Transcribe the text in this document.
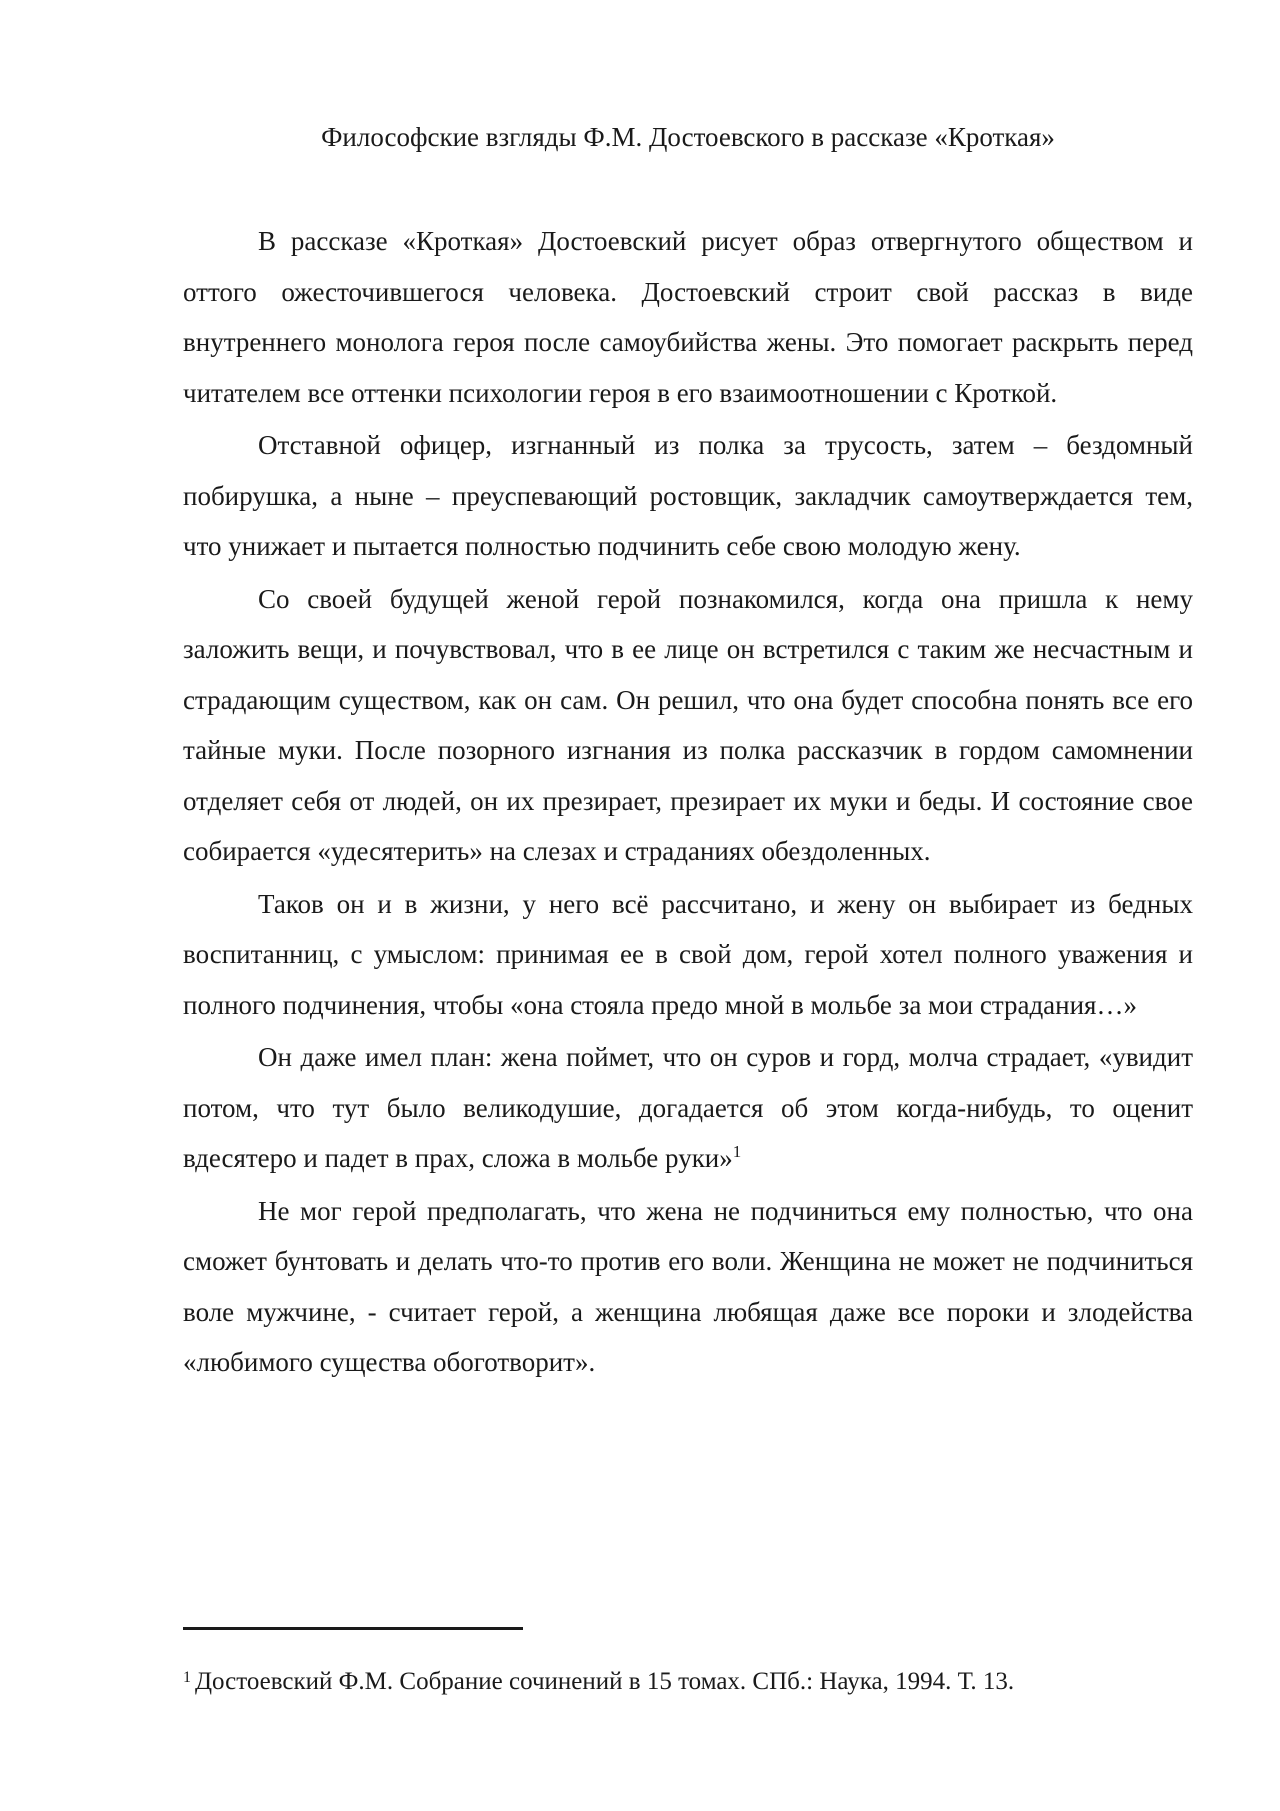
Философские взгляды Ф.М. Достоевского в рассказе «Кроткая»

В рассказе «Кроткая» Достоевский рисует образ отвергнутого обществом и оттого ожесточившегося человека. Достоевский строит свой рассказ в виде внутреннего монолога героя после самоубийства жены. Это помогает раскрыть перед читателем все оттенки психологии героя в его взаимоотношении с Кроткой.

Отставной офицер, изгнанный из полка за трусость, затем – бездомный побирушка, а ныне – преуспевающий ростовщик, закладчик самоутверждается тем, что унижает и пытается полностью подчинить себе свою молодую жену.

Со своей будущей женой герой познакомился, когда она пришла к нему заложить вещи, и почувствовал, что в ее лице он встретился с таким же несчастным и страдающим существом, как он сам. Он решил, что она будет способна понять все его тайные муки. После позорного изгнания из полка рассказчик в гордом самомнении отделяет себя от людей, он их презирает, презирает их муки и беды. И состояние свое собирается «удесятерить» на слезах и страданиях обездоленных.

Таков он и в жизни, у него всё рассчитано, и жену он выбирает из бедных воспитанниц, с умыслом: принимая ее в свой дом, герой хотел полного уважения и полного подчинения, чтобы «она стояла предо мной в мольбе за мои страдания…»

Он даже имел план: жена поймет, что он суров и горд, молча страдает, «увидит потом, что тут было великодушие, догадается об этом когда-нибудь, то оценит вдесятеро и падет в прах, сложа в мольбе руки»$^1$

Не мог герой предполагать, что жена не подчиниться ему полностью, что она сможет бунтовать и делать что-то против его воли. Женщина не может не подчиниться воле мужчине, - считает герой, а женщина любящая даже все пороки и злодейства «любимого существа обоготворит».

$^1$ Достоевский Ф.М. Собрание сочинений в 15 томах. СПб.: Наука, 1994. Т. 13.
